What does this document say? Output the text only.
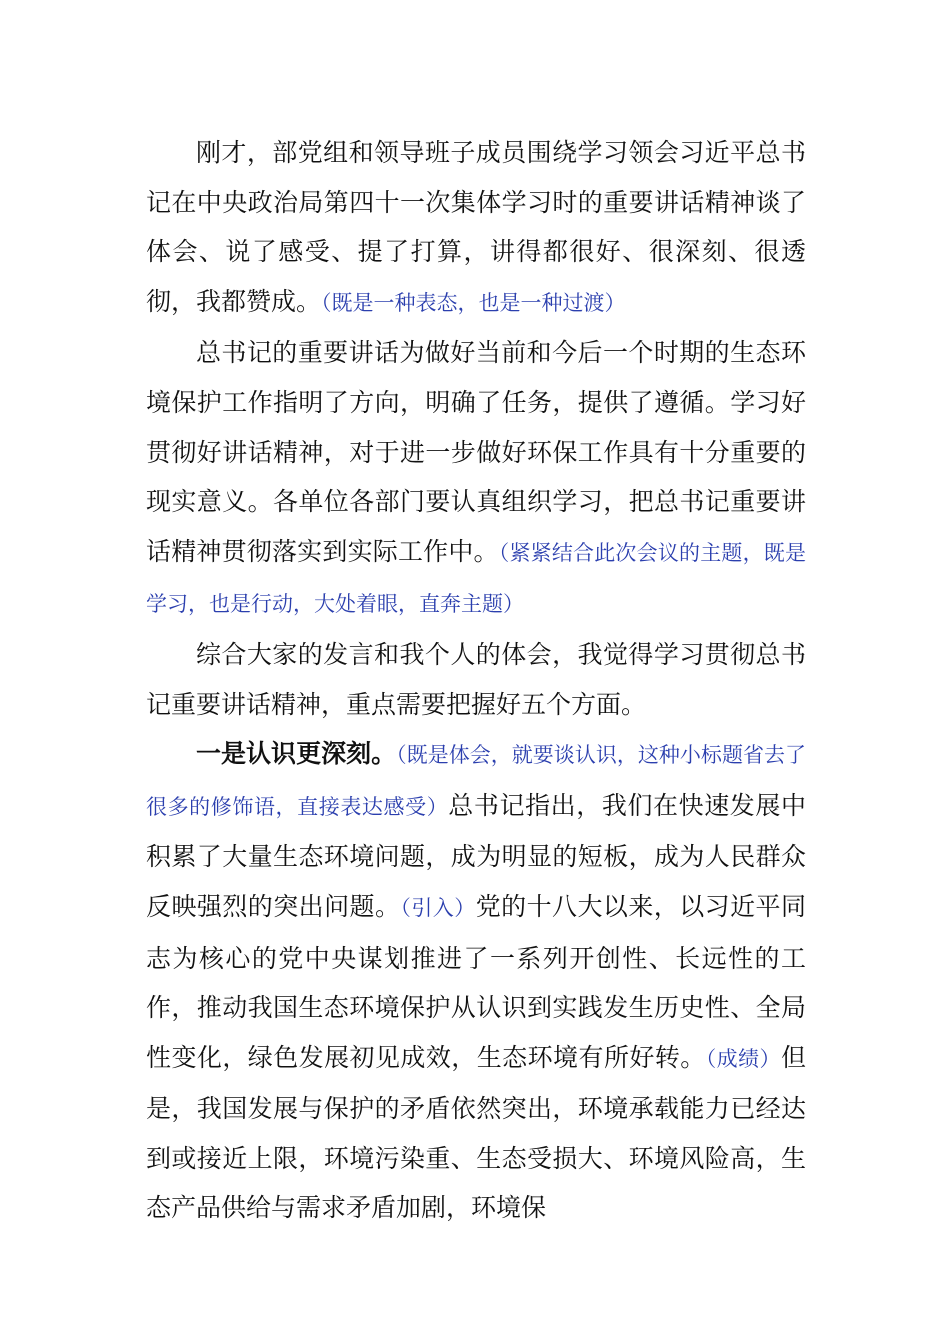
刚才，部党组和领导班子成员围绕学习领会习近平总书记在中央政治局第四十一次集体学习时的重要讲话精神谈了体会、说了感受、提了打算，讲得都很好、很深刻、很透彻，我都赞成。（既是一种表态，也是一种过渡）

总书记的重要讲话为做好当前和今后一个时期的生态环境保护工作指明了方向，明确了任务，提供了遵循。学习好贯彻好讲话精神，对于进一步做好环保工作具有十分重要的现实意义。各单位各部门要认真组织学习，把总书记重要讲话精神贯彻落实到实际工作中。（紧紧结合此次会议的主题，既是学习，也是行动，大处着眼，直奔主题）

综合大家的发言和我个人的体会，我觉得学习贯彻总书记重要讲话精神，重点需要把握好五个方面。

一是认识更深刻。（既是体会，就要谈认识，这种小标题省去了很多的修饰语，直接表达感受）总书记指出，我们在快速发展中积累了大量生态环境问题，成为明显的短板，成为人民群众反映强烈的突出问题。（引入）党的十八大以来，以习近平同志为核心的党中央谋划推进了一系列开创性、长远性的工作，推动我国生态环境保护从认识到实践发生历史性、全局性变化，绿色发展初见成效，生态环境有所好转。（成绩）但是，我国发展与保护的矛盾依然突出，环境承载能力已经达到或接近上限，环境污染重、生态受损大、环境风险高，生态产品供给与需求矛盾加剧，环境保
